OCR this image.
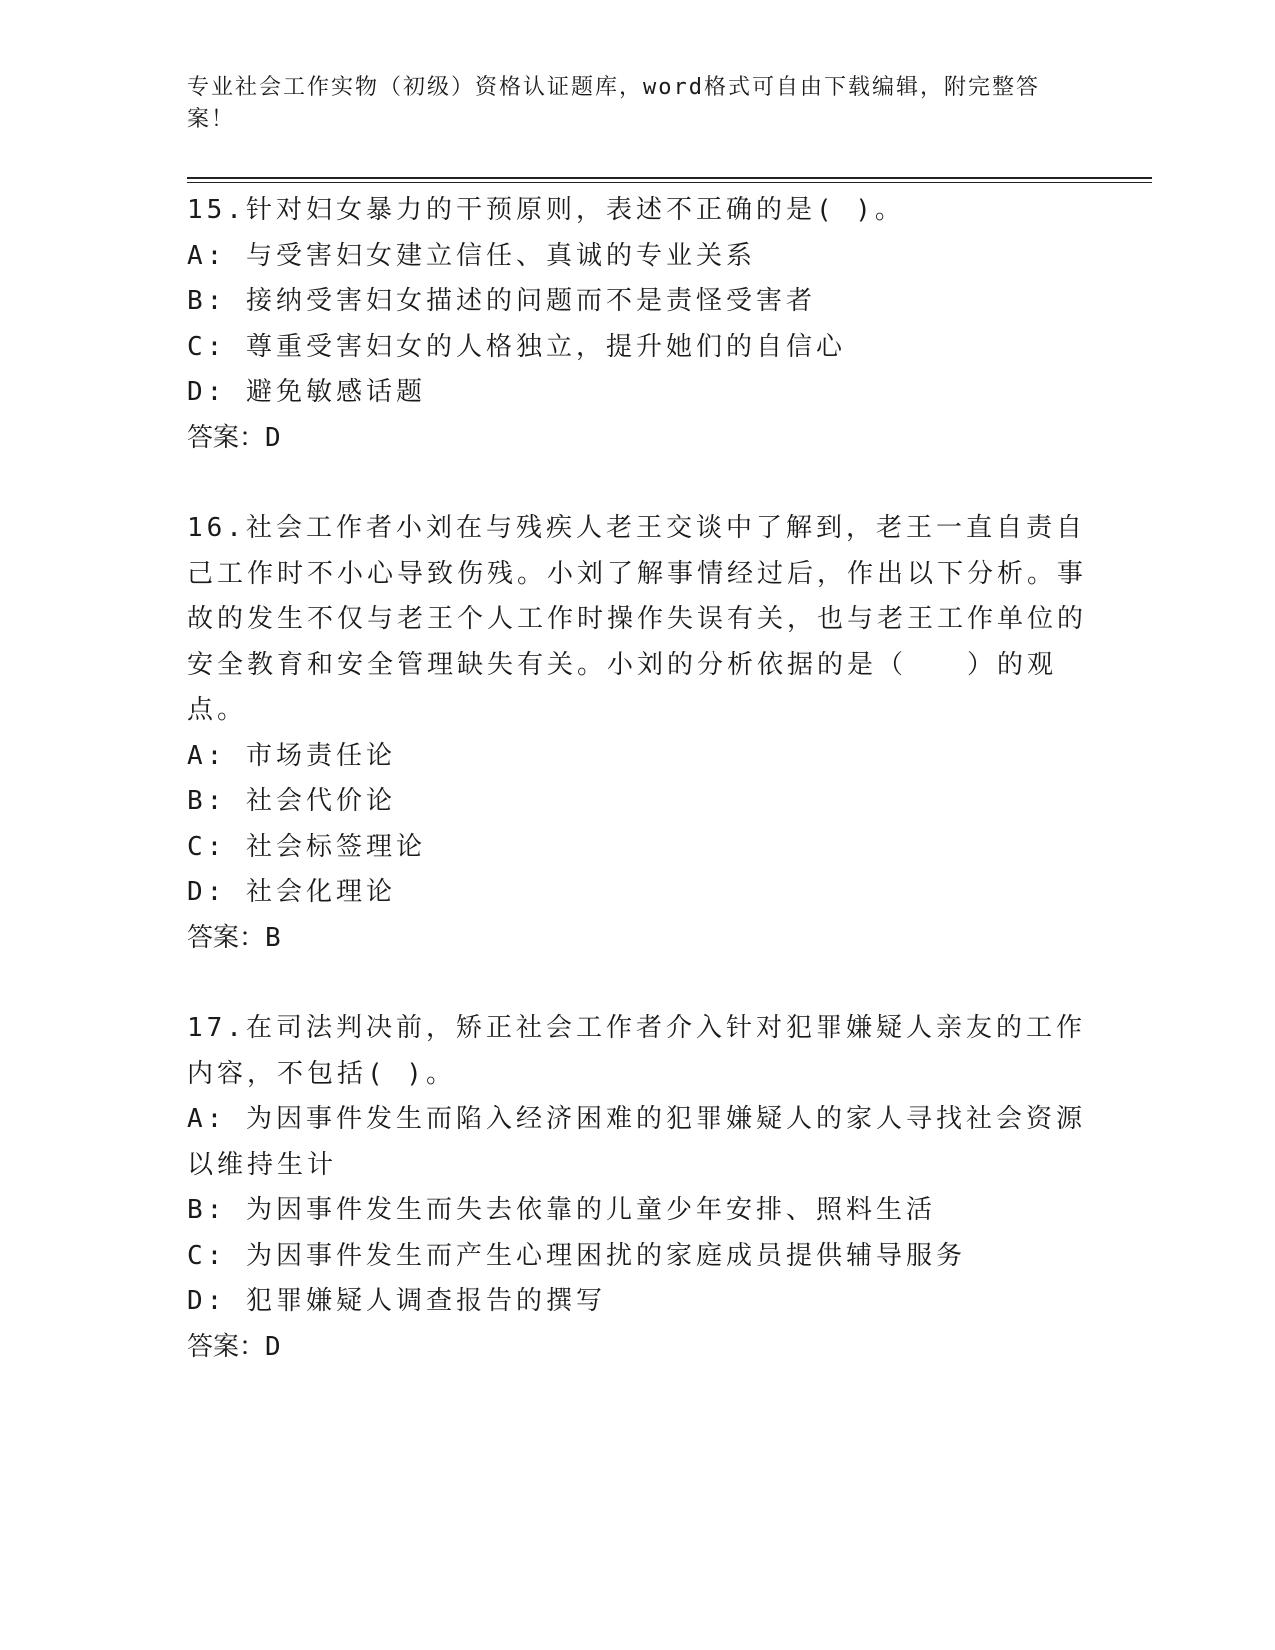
专业社会工作实物（初级）资格认证题库，word格式可自由下载编辑，附完整答案！

15.针对妇女暴力的干预原则，表述不正确的是( )。

A: 与受害妇女建立信任、真诚的专业关系

B: 接纳受害妇女描述的问题而不是责怪受害者

C: 尊重受害妇女的人格独立，提升她们的自信心

D: 避免敏感话题

答案：D

16.社会工作者小刘在与残疾人老王交谈中了解到，老王一直自责自己工作时不小心导致伤残。小刘了解事情经过后，作出以下分析。事故的发生不仅与老王个人工作时操作失误有关，也与老王工作单位的安全教育和安全管理缺失有关。小刘的分析依据的是（　　）的观点。

A: 市场责任论

B: 社会代价论

C: 社会标签理论

D: 社会化理论

答案：B

17.在司法判决前，矫正社会工作者介入针对犯罪嫌疑人亲友的工作内容，不包括( )。

A: 为因事件发生而陷入经济困难的犯罪嫌疑人的家人寻找社会资源以维持生计

B: 为因事件发生而失去依靠的儿童少年安排、照料生活

C: 为因事件发生而产生心理困扰的家庭成员提供辅导服务

D: 犯罪嫌疑人调查报告的撰写

答案：D
